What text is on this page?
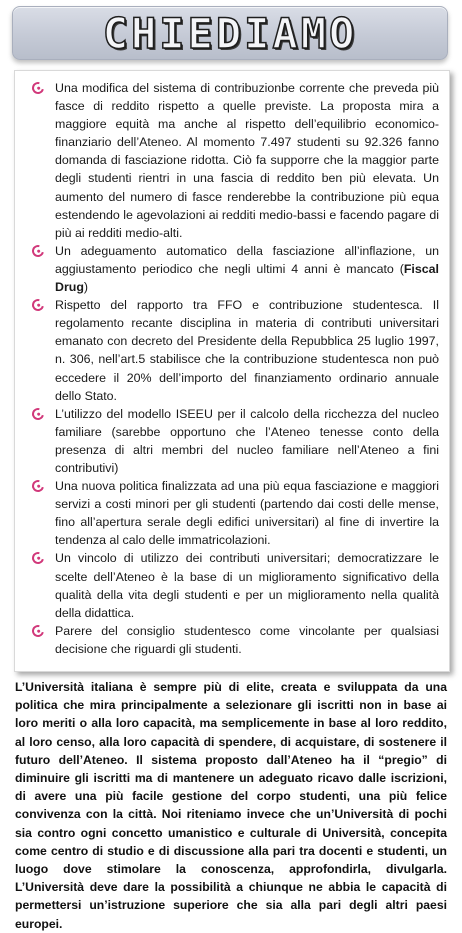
CHIEDIAMO
Una modifica del sistema di contribuzionbe corrente che preveda più fasce di reddito rispetto a quelle previste. La proposta mira a maggiore equità ma anche al rispetto dell’equilibrio economico-finanziario dell’Ateneo. Al momento 7.497 studenti su 92.326 fanno domanda di fasciazione ridotta. Ciò fa supporre che la maggior parte degli studenti rientri in una fascia di reddito ben più elevata. Un aumento del numero di fasce renderebbe la contribuzione più equa estendendo le agevolazioni ai redditi medio-bassi e facendo pagare di più ai redditi medio-alti.
Un adeguamento automatico della fasciazione all’inflazione, un aggiustamento periodico che negli ultimi 4 anni è mancato (Fiscal Drug)
Rispetto del rapporto tra FFO e contribuzione studentesca. Il regolamento recante disciplina in materia di contributi universitari emanato con decreto del Presidente della Repubblica 25 luglio 1997, n. 306, nell’art.5 stabilisce che la contribuzione studentesca non può eccedere il 20% dell’importo del finanziamento ordinario annuale dello Stato.
L’utilizzo del modello ISEEU per il calcolo della ricchezza del nucleo familiare (sarebbe opportuno che l’Ateneo tenesse conto della presenza di altri membri del nucleo familiare nell’Ateneo a fini contributivi)
Una nuova politica finalizzata ad una più equa fasciazione e maggiori servizi a costi minori per gli studenti (partendo dai costi delle mense, fino all’apertura serale degli edifici universitari) al fine di invertire la tendenza al calo delle immatricolazioni.
Un vincolo di utilizzo dei contributi universitari; democratizzare le scelte dell’Ateneo è la base di un miglioramento significativo della qualità della vita degli studenti e per un miglioramento nella qualità della didattica.
Parere del consiglio studentesco come vincolante per qualsiasi decisione che riguardi gli studenti.
L’Università italiana è sempre più di elite, creata e sviluppata da una politica che mira principalmente a selezionare gli iscritti non in base ai loro meriti o alla loro capacità, ma semplicemente in base al loro reddito, al loro censo, alla loro capacità di spendere, di acquistare, di sostenere il futuro dell’Ateneo. Il sistema proposto dall’Ateneo ha il “pregio” di diminuire gli iscritti ma di mantenere un adeguato ricavo dalle iscrizioni, di avere una più facile gestione del corpo studenti, una più felice convivenza con la città. Noi riteniamo invece che un’Università di pochi sia contro ogni concetto umanistico e culturale di Università, concepita come centro di studio e di discussione alla pari tra docenti e studenti, un luogo dove stimolare la conoscenza, approfondirla, divulgarla. L’Università deve dare la possibilità a chiunque ne abbia le capacità di permettersi un’istruzione superiore che sia alla pari degli altri paesi europei.
